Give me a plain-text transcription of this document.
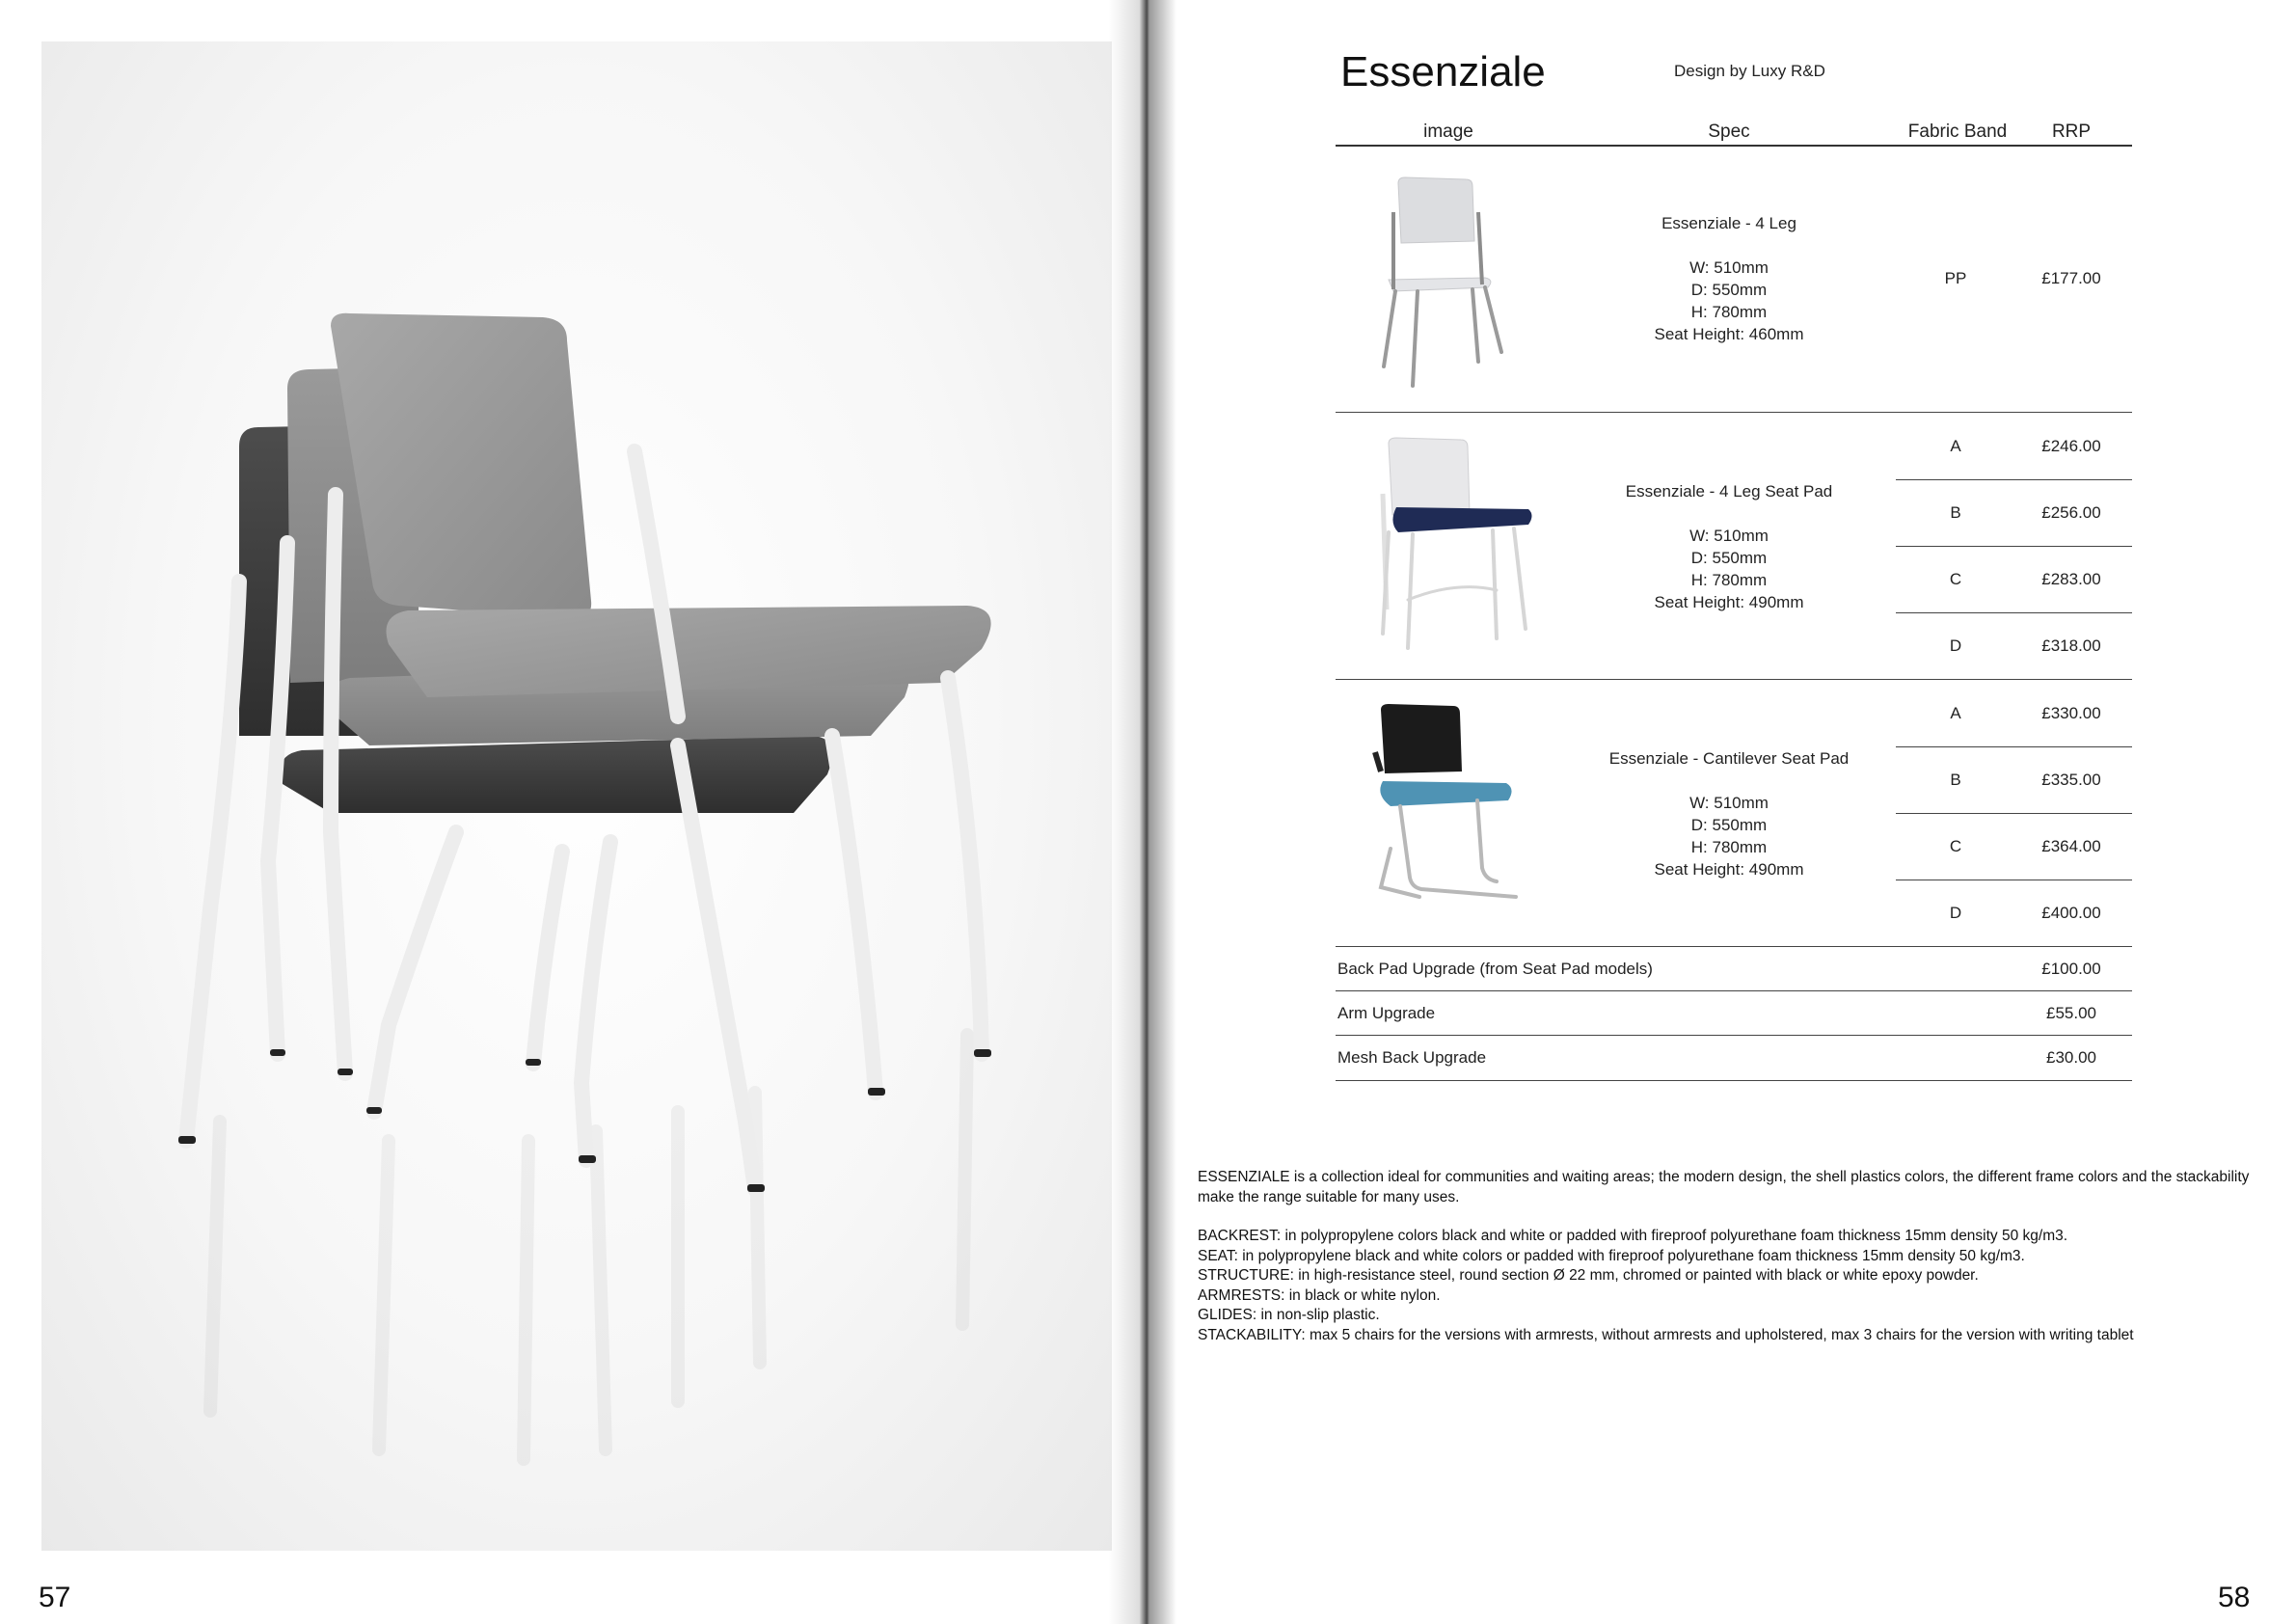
57
Essenziale	Design by Luxy R&D
image	Spec	Fabric Band	RRP
Essenziale - 4 Leg
W: 510mm
D: 550mm
H: 780mm
Seat Height: 460mm
PP	£177.00
Essenziale - 4 Leg Seat Pad
W: 510mm
D: 550mm
H: 780mm
Seat Height: 490mm
A	£246.00
B	£256.00
C	£283.00
D	£318.00
Essenziale - Cantilever Seat Pad
W: 510mm
D: 550mm
H: 780mm
Seat Height: 490mm
A	£330.00
B	£335.00
C	£364.00
D	£400.00
Back Pad Upgrade (from Seat Pad models)	£100.00
Arm Upgrade	£55.00
Mesh Back Upgrade	£30.00

ESSENZIALE is a collection ideal for communities and waiting areas; the modern design, the shell plastics colors, the different frame colors and the stackability make the range suitable for many uses.

BACKREST: in polypropylene colors black and white or padded with fireproof polyurethane foam thickness 15mm density 50 kg/m3.

SEAT: in polypropylene black and white colors or padded with fireproof polyurethane foam thickness 15mm density 50 kg/m3.

STRUCTURE: in high-resistance steel, round section Ø 22 mm, chromed or painted with black or white epoxy powder.

ARMRESTS: in black or white nylon.

GLIDES: in non-slip plastic.

STACKABILITY: max 5 chairs for the versions with armrests, without armrests and upholstered, max 3 chairs for the version with writing tablet

58
